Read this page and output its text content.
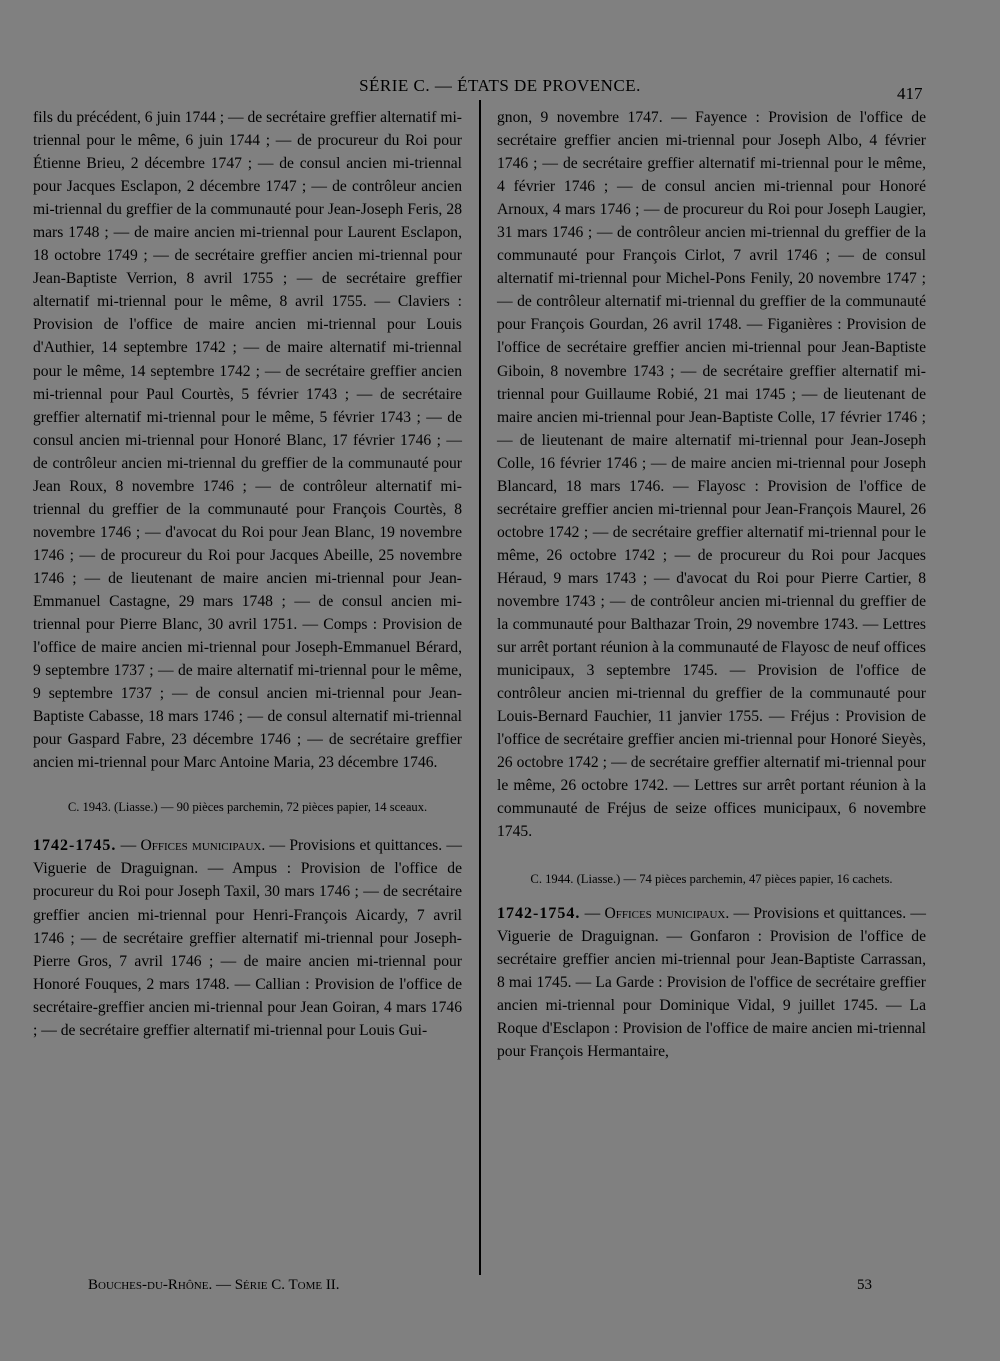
SÉRIE C. — ÉTATS DE PROVENCE.	417

fils du précédent, 6 juin 1744 ; — de secrétaire greffier alternatif mi-triennal pour le même, 6 juin 1744 ; — de procureur du Roi pour Étienne Brieu, 2 décembre 1747 ; — de consul ancien mi-triennal pour Jacques Esclapon, 2 décembre 1747 ; — de contrôleur ancien mi-triennal du greffier de la communauté pour Jean-Joseph Feris, 28 mars 1748 ; — de maire ancien mi-triennal pour Laurent Esclapon, 18 octobre 1749 ; — de secrétaire greffier ancien mi-triennal pour Jean-Baptiste Verrion, 8 avril 1755 ; — de secrétaire greffier alternatif mi-triennal pour le même, 8 avril 1755. — Claviers : Provision de l'office de maire ancien mi-triennal pour Louis d'Authier, 14 septembre 1742 ; — de maire alternatif mi-triennal pour le même, 14 septembre 1742 ; — de secrétaire greffier ancien mi-triennal pour Paul Courtès, 5 février 1743 ; — de secrétaire greffier alternatif mi-triennal pour le même, 5 février 1743 ; — de consul ancien mi-triennal pour Honoré Blanc, 17 février 1746 ; — de contrôleur ancien mi-triennal du greffier de la communauté pour Jean Roux, 8 novembre 1746 ; — de contrôleur alternatif mi-triennal du greffier de la communauté pour François Courtès, 8 novembre 1746 ; — d'avocat du Roi pour Jean Blanc, 19 novembre 1746 ; — de procureur du Roi pour Jacques Abeille, 25 novembre 1746 ; — de lieutenant de maire ancien mi-triennal pour Jean-Emmanuel Castagne, 29 mars 1748 ; — de consul ancien mi-triennal pour Pierre Blanc, 30 avril 1751. — Comps : Provision de l'office de maire ancien mi-triennal pour Joseph-Emmanuel Bérard, 9 septembre 1737 ; — de maire alternatif mi-triennal pour le même, 9 septembre 1737 ; — de consul ancien mi-triennal pour Jean-Baptiste Cabasse, 18 mars 1746 ; — de consul alternatif mi-triennal pour Gaspard Fabre, 23 décembre 1746 ; — de secrétaire greffier ancien mi-triennal pour Marc Antoine Maria, 23 décembre 1746.

C. 1943. (Liasse.) — 90 pièces parchemin, 72 pièces papier, 14 sceaux.

1742-1745. — Offices municipaux. — Provisions et quittances. — Viguerie de Draguignan. — Ampus : Provision de l'office de procureur du Roi pour Joseph Taxil, 30 mars 1746 ; — de secrétaire greffier ancien mi-triennal pour Henri-François Aicardy, 7 avril 1746 ; — de secrétaire greffier alternatif mi-triennal pour Joseph-Pierre Gros, 7 avril 1746 ; — de maire ancien mi-triennal pour Honoré Fouques, 2 mars 1748. — Callian : Provision de l'office de secrétaire-greffier ancien mi-triennal pour Jean Goiran, 4 mars 1746 ; — de secrétaire greffier alternatif mi-triennal pour Louis Gui-

gnon, 9 novembre 1747. — Fayence : Provision de l'office de secrétaire greffier ancien mi-triennal pour Joseph Albo, 4 février 1746 ; — de secrétaire greffier alternatif mi-triennal pour le même, 4 février 1746 ; — de consul ancien mi-triennal pour Honoré Arnoux, 4 mars 1746 ; — de procureur du Roi pour Joseph Laugier, 31 mars 1746 ; — de contrôleur ancien mi-triennal du greffier de la communauté pour François Cirlot, 7 avril 1746 ; — de consul alternatif mi-triennal pour Michel-Pons Fenily, 20 novembre 1747 ; — de contrôleur alternatif mi-triennal du greffier de la communauté pour François Gourdan, 26 avril 1748. — Figanières : Provision de l'office de secrétaire greffier ancien mi-triennal pour Jean-Baptiste Giboin, 8 novembre 1743 ; — de secrétaire greffier alternatif mi-triennal pour Guillaume Robié, 21 mai 1745 ; — de lieutenant de maire ancien mi-triennal pour Jean-Baptiste Colle, 17 février 1746 ; — de lieutenant de maire alternatif mi-triennal pour Jean-Joseph Colle, 16 février 1746 ; — de maire ancien mi-triennal pour Joseph Blancard, 18 mars 1746. — Flayosc : Provision de l'office de secrétaire greffier ancien mi-triennal pour Jean-François Maurel, 26 octobre 1742 ; — de secrétaire greffier alternatif mi-triennal pour le même, 26 octobre 1742 ; — de procureur du Roi pour Jacques Héraud, 9 mars 1743 ; — d'avocat du Roi pour Pierre Cartier, 8 novembre 1743 ; — de contrôleur ancien mi-triennal du greffier de la communauté pour Balthazar Troin, 29 novembre 1743. — Lettres sur arrêt portant réunion à la communauté de Flayosc de neuf offices municipaux, 3 septembre 1745. — Provision de l'office de contrôleur ancien mi-triennal du greffier de la communauté pour Louis-Bernard Fauchier, 11 janvier 1755. — Fréjus : Provision de l'office de secrétaire greffier ancien mi-triennal pour Honoré Sieyès, 26 octobre 1742 ; — de secrétaire greffier alternatif mi-triennal pour le même, 26 octobre 1742. — Lettres sur arrêt portant réunion à la communauté de Fréjus de seize offices municipaux, 6 novembre 1745.

C. 1944. (Liasse.) — 74 pièces parchemin, 47 pièces papier, 16 cachets.

1742-1754. — Offices municipaux. — Provisions et quittances. — Viguerie de Draguignan. — Gonfaron : Provision de l'office de secrétaire greffier ancien mi-triennal pour Jean-Baptiste Carrassan, 8 mai 1745. — La Garde : Provision de l'office de secrétaire greffier ancien mi-triennal pour Dominique Vidal, 9 juillet 1745. — La Roque d'Esclapon : Provision de l'office de maire ancien mi-triennal pour François Hermantaire,

Bouches-du-Rhône. — Série C. Tome II.	53
